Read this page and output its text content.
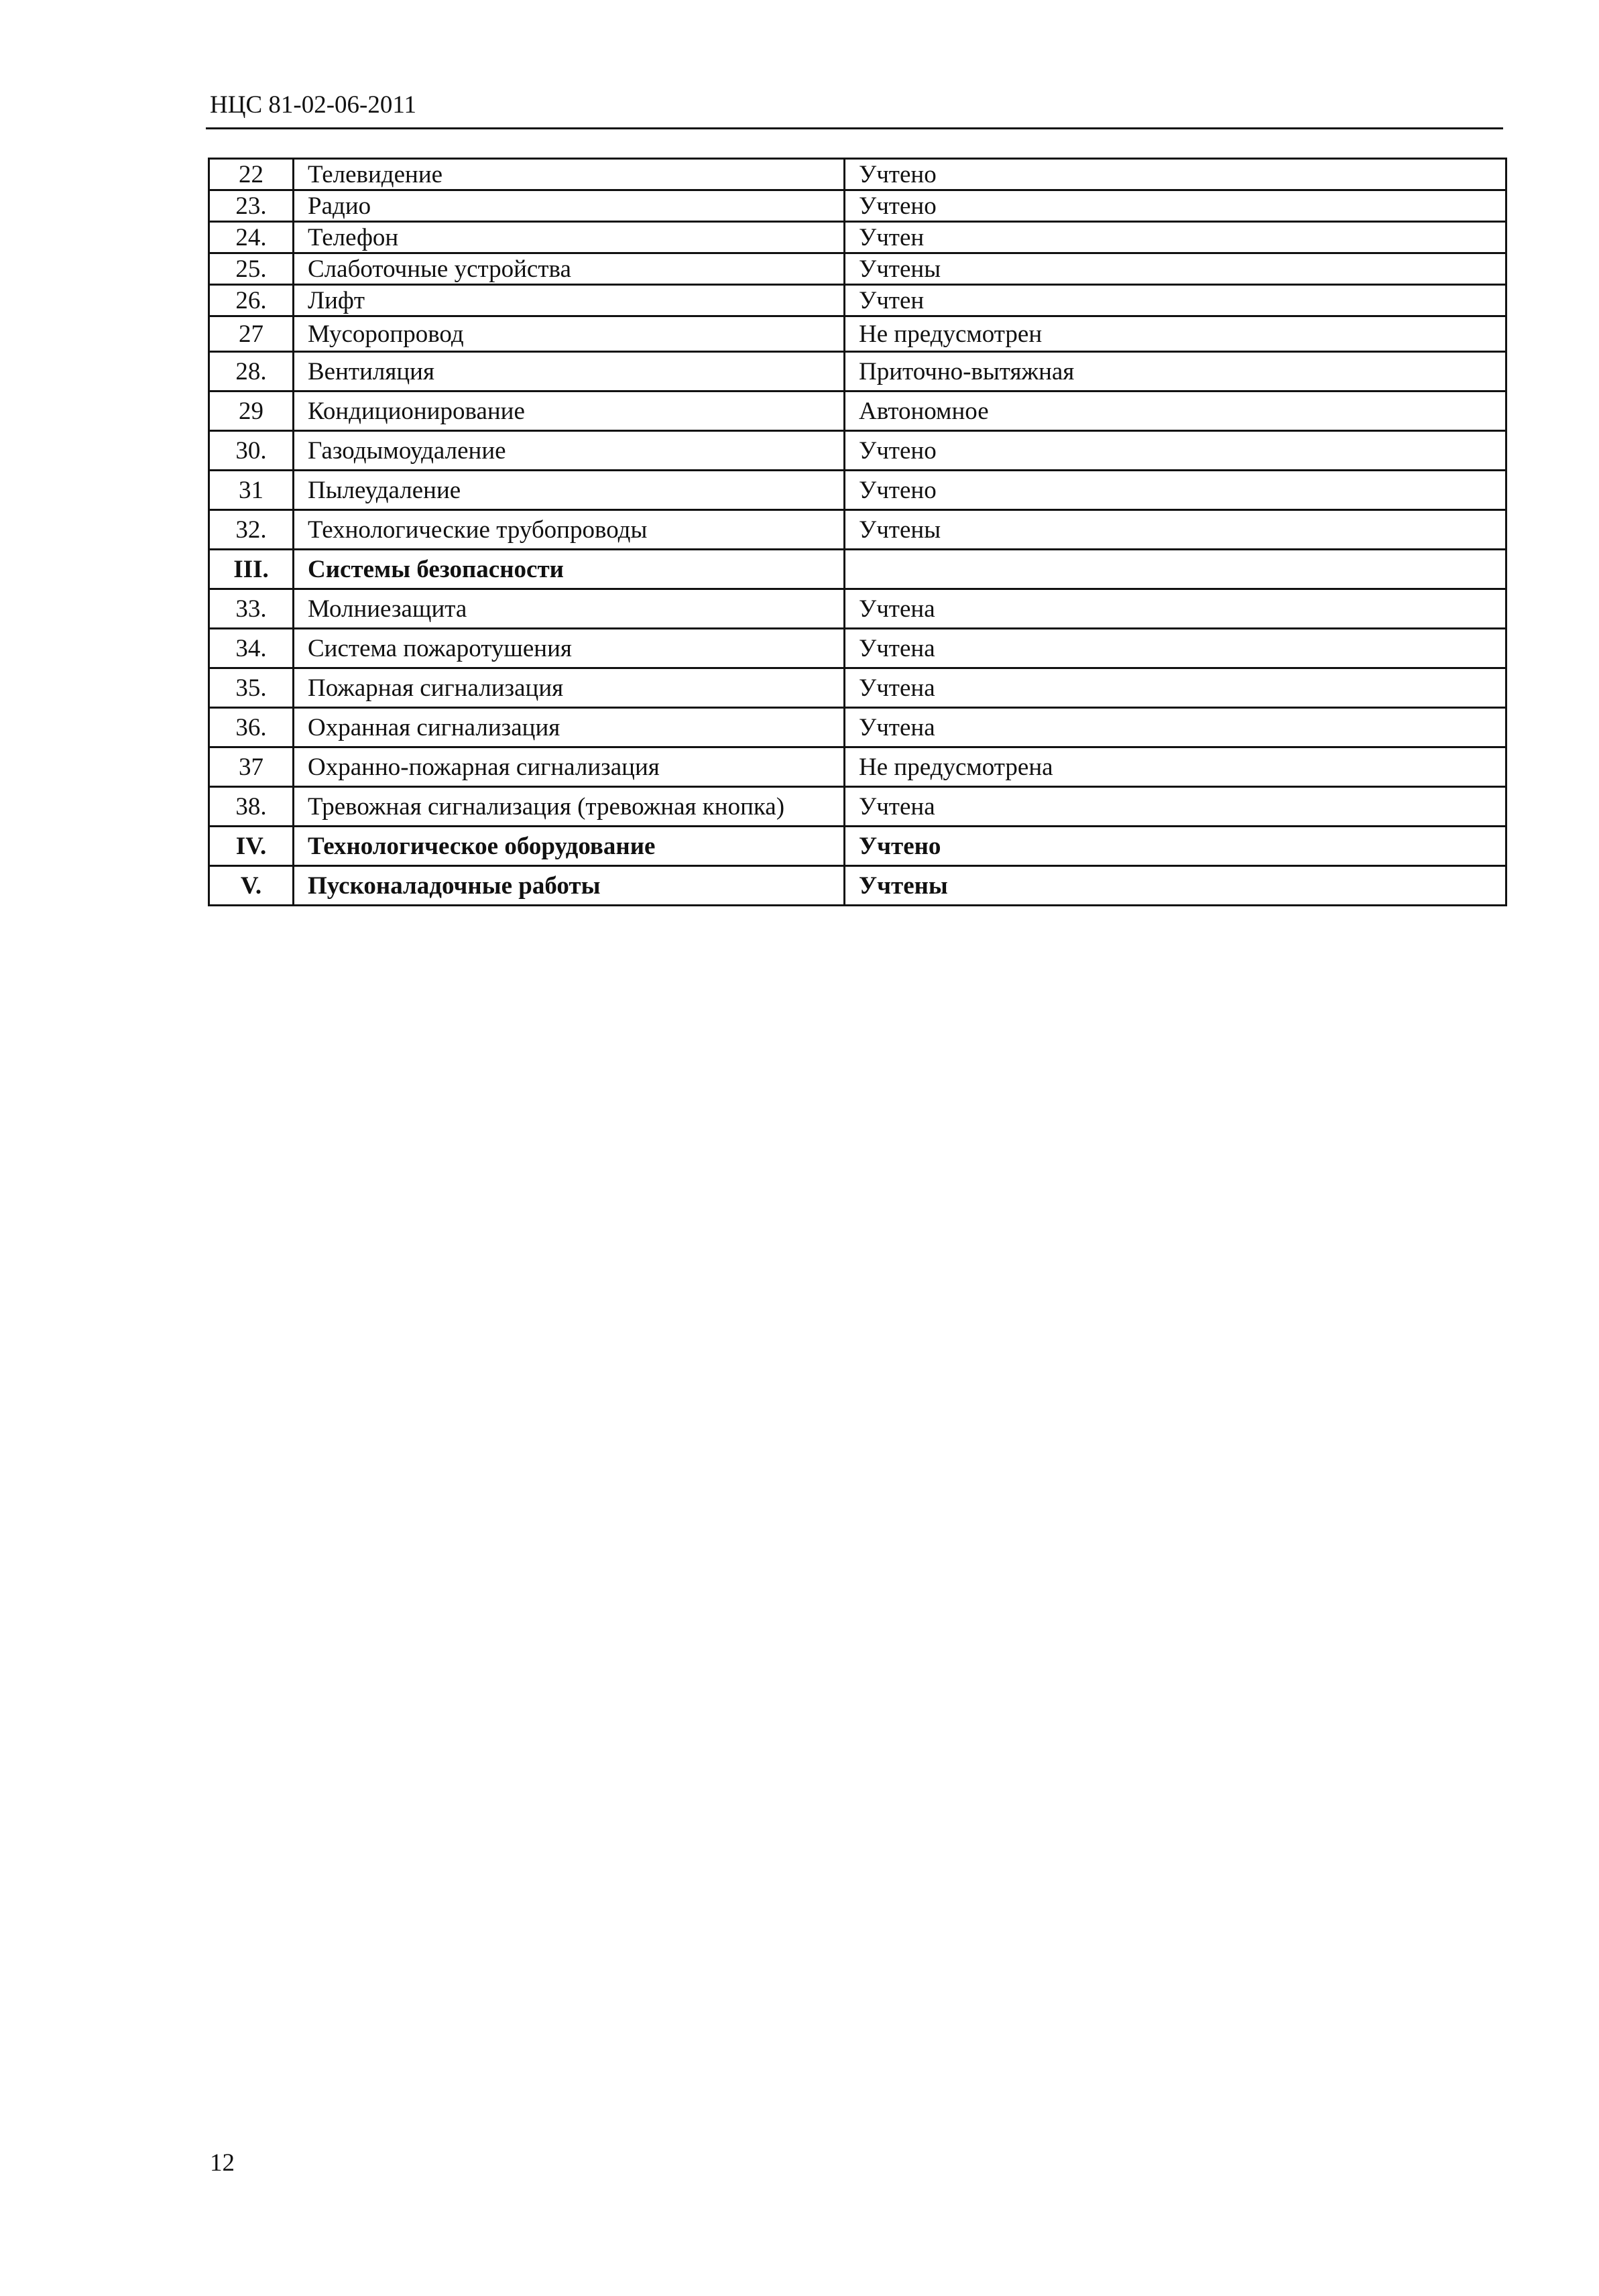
НЦС 81-02-06-2011
22	Телевидение	Учтено
23.	Радио	Учтено
24.	Телефон	Учтен
25.	Слаботочные устройства	Учтены
26.	Лифт	Учтен
27	Мусоропровод	Не предусмотрен
28.	Вентиляция	Приточно-вытяжная
29	Кондиционирование	Автономное
30.	Газодымоудаление	Учтено
31	Пылеудаление	Учтено
32.	Технологические трубопроводы	Учтены
III.	Системы безопасности	
33.	Молниезащита	Учтена
34.	Система пожаротушения	Учтена
35.	Пожарная сигнализация	Учтена
36.	Охранная сигнализация	Учтена
37	Охранно-пожарная сигнализация	Не предусмотрена
38.	Тревожная сигнализация (тревожная кнопка)	Учтена
IV.	Технологическое оборудование	Учтено
V.	Пусконаладочные работы	Учтены
12
